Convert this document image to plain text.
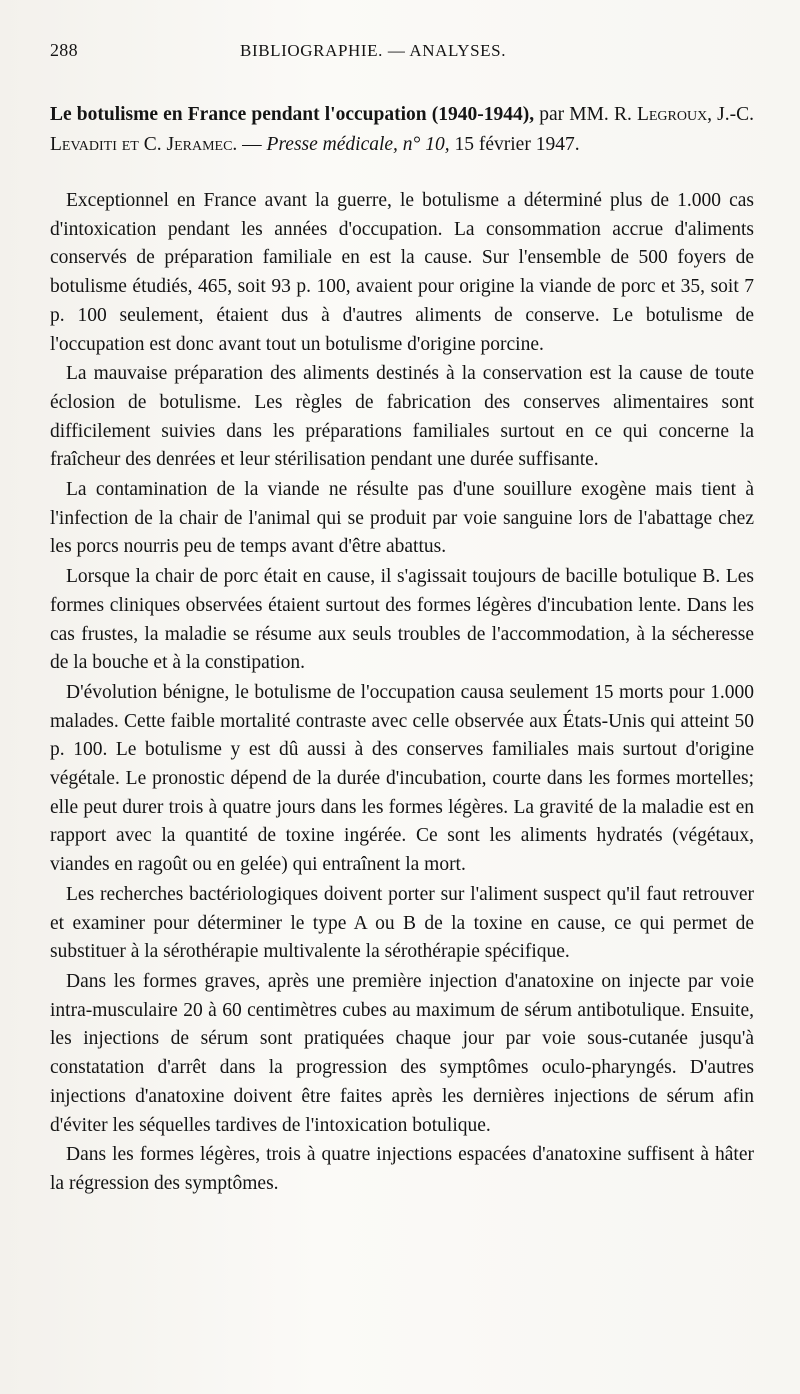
288	BIBLIOGRAPHIE. — ANALYSES.
Le botulisme en France pendant l'occupation (1940-1944), par MM. R. Legroux, J.-C. Levaditi et C. Jeramec. — Presse médicale, n° 10, 15 février 1947.

Exceptionnel en France avant la guerre, le botulisme a déterminé plus de 1.000 cas d'intoxication pendant les années d'occupation. La consommation accrue d'aliments conservés de préparation familiale en est la cause. Sur l'ensemble de 500 foyers de botulisme étudiés, 465, soit 93 p. 100, avaient pour origine la viande de porc et 35, soit 7 p. 100 seulement, étaient dus à d'autres aliments de conserve. Le botulisme de l'occupation est donc avant tout un botulisme d'origine porcine.

La mauvaise préparation des aliments destinés à la conservation est la cause de toute éclosion de botulisme. Les règles de fabrication des conserves alimentaires sont difficilement suivies dans les préparations familiales surtout en ce qui concerne la fraîcheur des denrées et leur stérilisation pendant une durée suffisante.

La contamination de la viande ne résulte pas d'une souillure exogène mais tient à l'infection de la chair de l'animal qui se produit par voie sanguine lors de l'abattage chez les porcs nourris peu de temps avant d'être abattus.

Lorsque la chair de porc était en cause, il s'agissait toujours de bacille botulique B. Les formes cliniques observées étaient surtout des formes légères d'incubation lente. Dans les cas frustes, la maladie se résume aux seuls troubles de l'accommodation, à la sécheresse de la bouche et à la constipation.

D'évolution bénigne, le botulisme de l'occupation causa seulement 15 morts pour 1.000 malades. Cette faible mortalité contraste avec celle observée aux États-Unis qui atteint 50 p. 100. Le botulisme y est dû aussi à des conserves familiales mais surtout d'origine végétale. Le pronostic dépend de la durée d'incubation, courte dans les formes mortelles; elle peut durer trois à quatre jours dans les formes légères. La gravité de la maladie est en rapport avec la quantité de toxine ingérée. Ce sont les aliments hydratés (végétaux, viandes en ragoût ou en gelée) qui entraînent la mort.

Les recherches bactériologiques doivent porter sur l'aliment suspect qu'il faut retrouver et examiner pour déterminer le type A ou B de la toxine en cause, ce qui permet de substituer à la sérothérapie multivalente la sérothérapie spécifique.

Dans les formes graves, après une première injection d'anatoxine on injecte par voie intra-musculaire 20 à 60 centimètres cubes au maximum de sérum antibotulique. Ensuite, les injections de sérum sont pratiquées chaque jour par voie sous-cutanée jusqu'à constatation d'arrêt dans la progression des symptômes oculo-pharyngés. D'autres injections d'anatoxine doivent être faites après les dernières injections de sérum afin d'éviter les séquelles tardives de l'intoxication botulique.

Dans les formes légères, trois à quatre injections espacées d'anatoxine suffisent à hâter la régression des symptômes.
